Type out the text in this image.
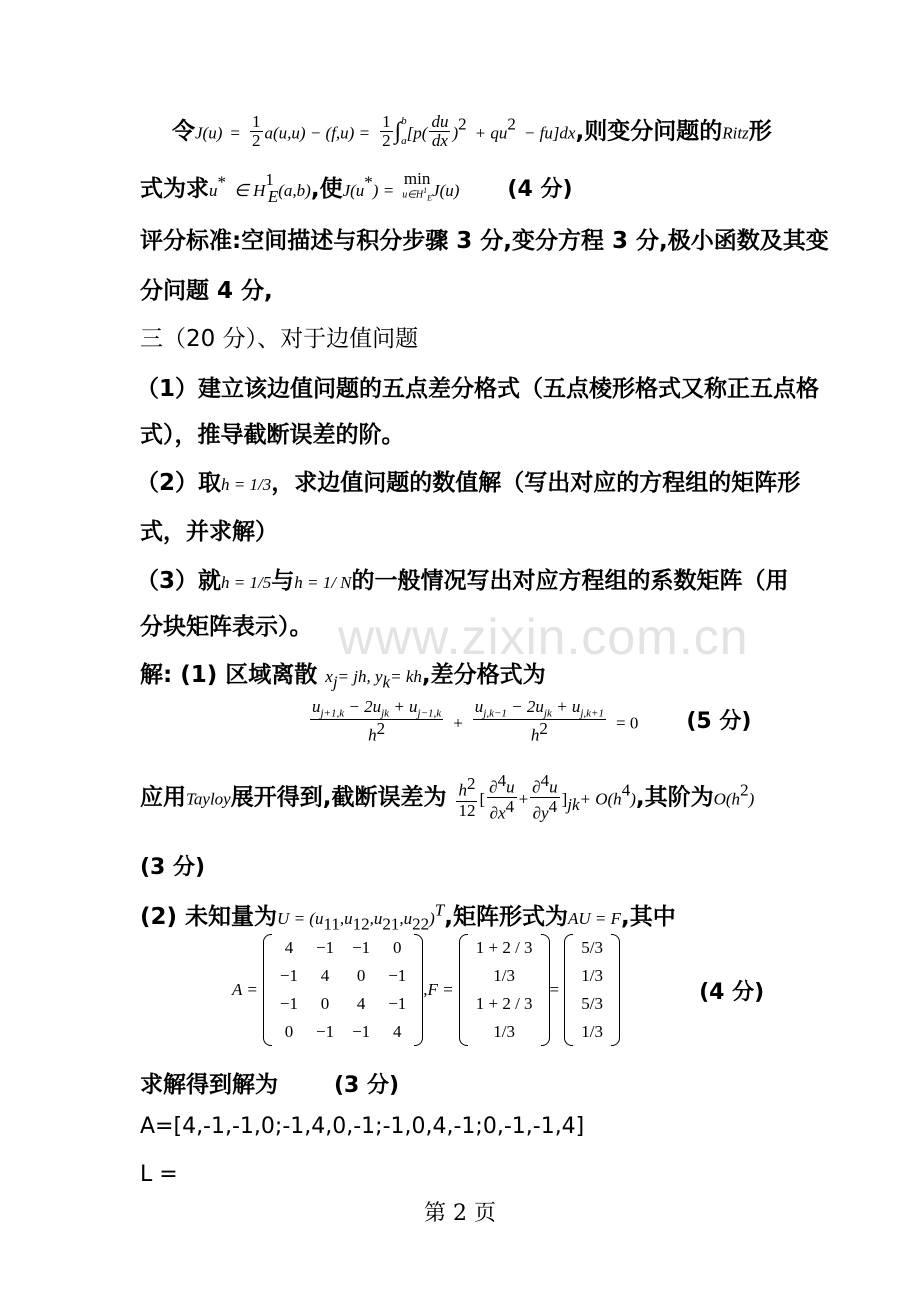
令$J(u) = \frac{1}{2} a(u,u) - (f,u) = \frac{1}{2}$ ∫ b
a $[p( \frac{du}{dx} )^2 + qu^2 - fu]dx$,则变分问题的Ritz形
式为求u* ∈ $H^1_E(a,b)$,使J(u*) =
min
$u\in H^1_E$ J(u) (4 分)
评分标准:空间描述与积分步骤 3 分,变分方程 3 分,极小函数及其变
分问题 4 分,
三（20 分）、对于边值问题
（1）建立该边值问题的五点差分格式（五点棱形格式又称正五点格
式），推导截断误差的阶。
（2）取h = 1/3，求边值问题的数值解（写出对应的方程组的矩阵形
式，并求解）
（3）就h = 1/5与h = 1/ N的一般情况写出对应方程组的系数矩阵（用
分块矩阵表示）。 www.zixin.com.cn
解: (1) 区域离散 $x_j=$ jh, $y_k=$ kh,差分格式为
$\frac{u_{j+1,k} - 2u_{jk} + u_{j-1,k}}{h^2} + \frac{u_{j,k-1} - 2u_{jk} + u_{j,k+1}}{h^2} = 0$ (5 分)
应用Tayloy展开得到,截断误差为 $\frac{h^2}{12}$ [ $\frac{\partial^4u}{\partial x^4} + \frac{\partial^4u}{\partial y^4} ]_{jk}+ O(h^4)$,其阶为$O(h^2)$
(3 分)
(2) 未知量为$U = (u_{11},u_{12},u_{21},u_{22})^T$,矩阵形式为AU = F,其中
A =
4	−1	−1	0
−1	4	0	−1
−1	0	4	−1
0	−1	−1	4
,F =
1 + 2 / 3
1/3
1 + 2 / 3
1/3
=
5/3
1/3
5/3
1/3
(4 分)
求解得到解为	(3 分)
A=[4,-1,-1,0;-1,4,0,-1;-1,0,4,-1;0,-1,-1,4]
L =
第 2 页
